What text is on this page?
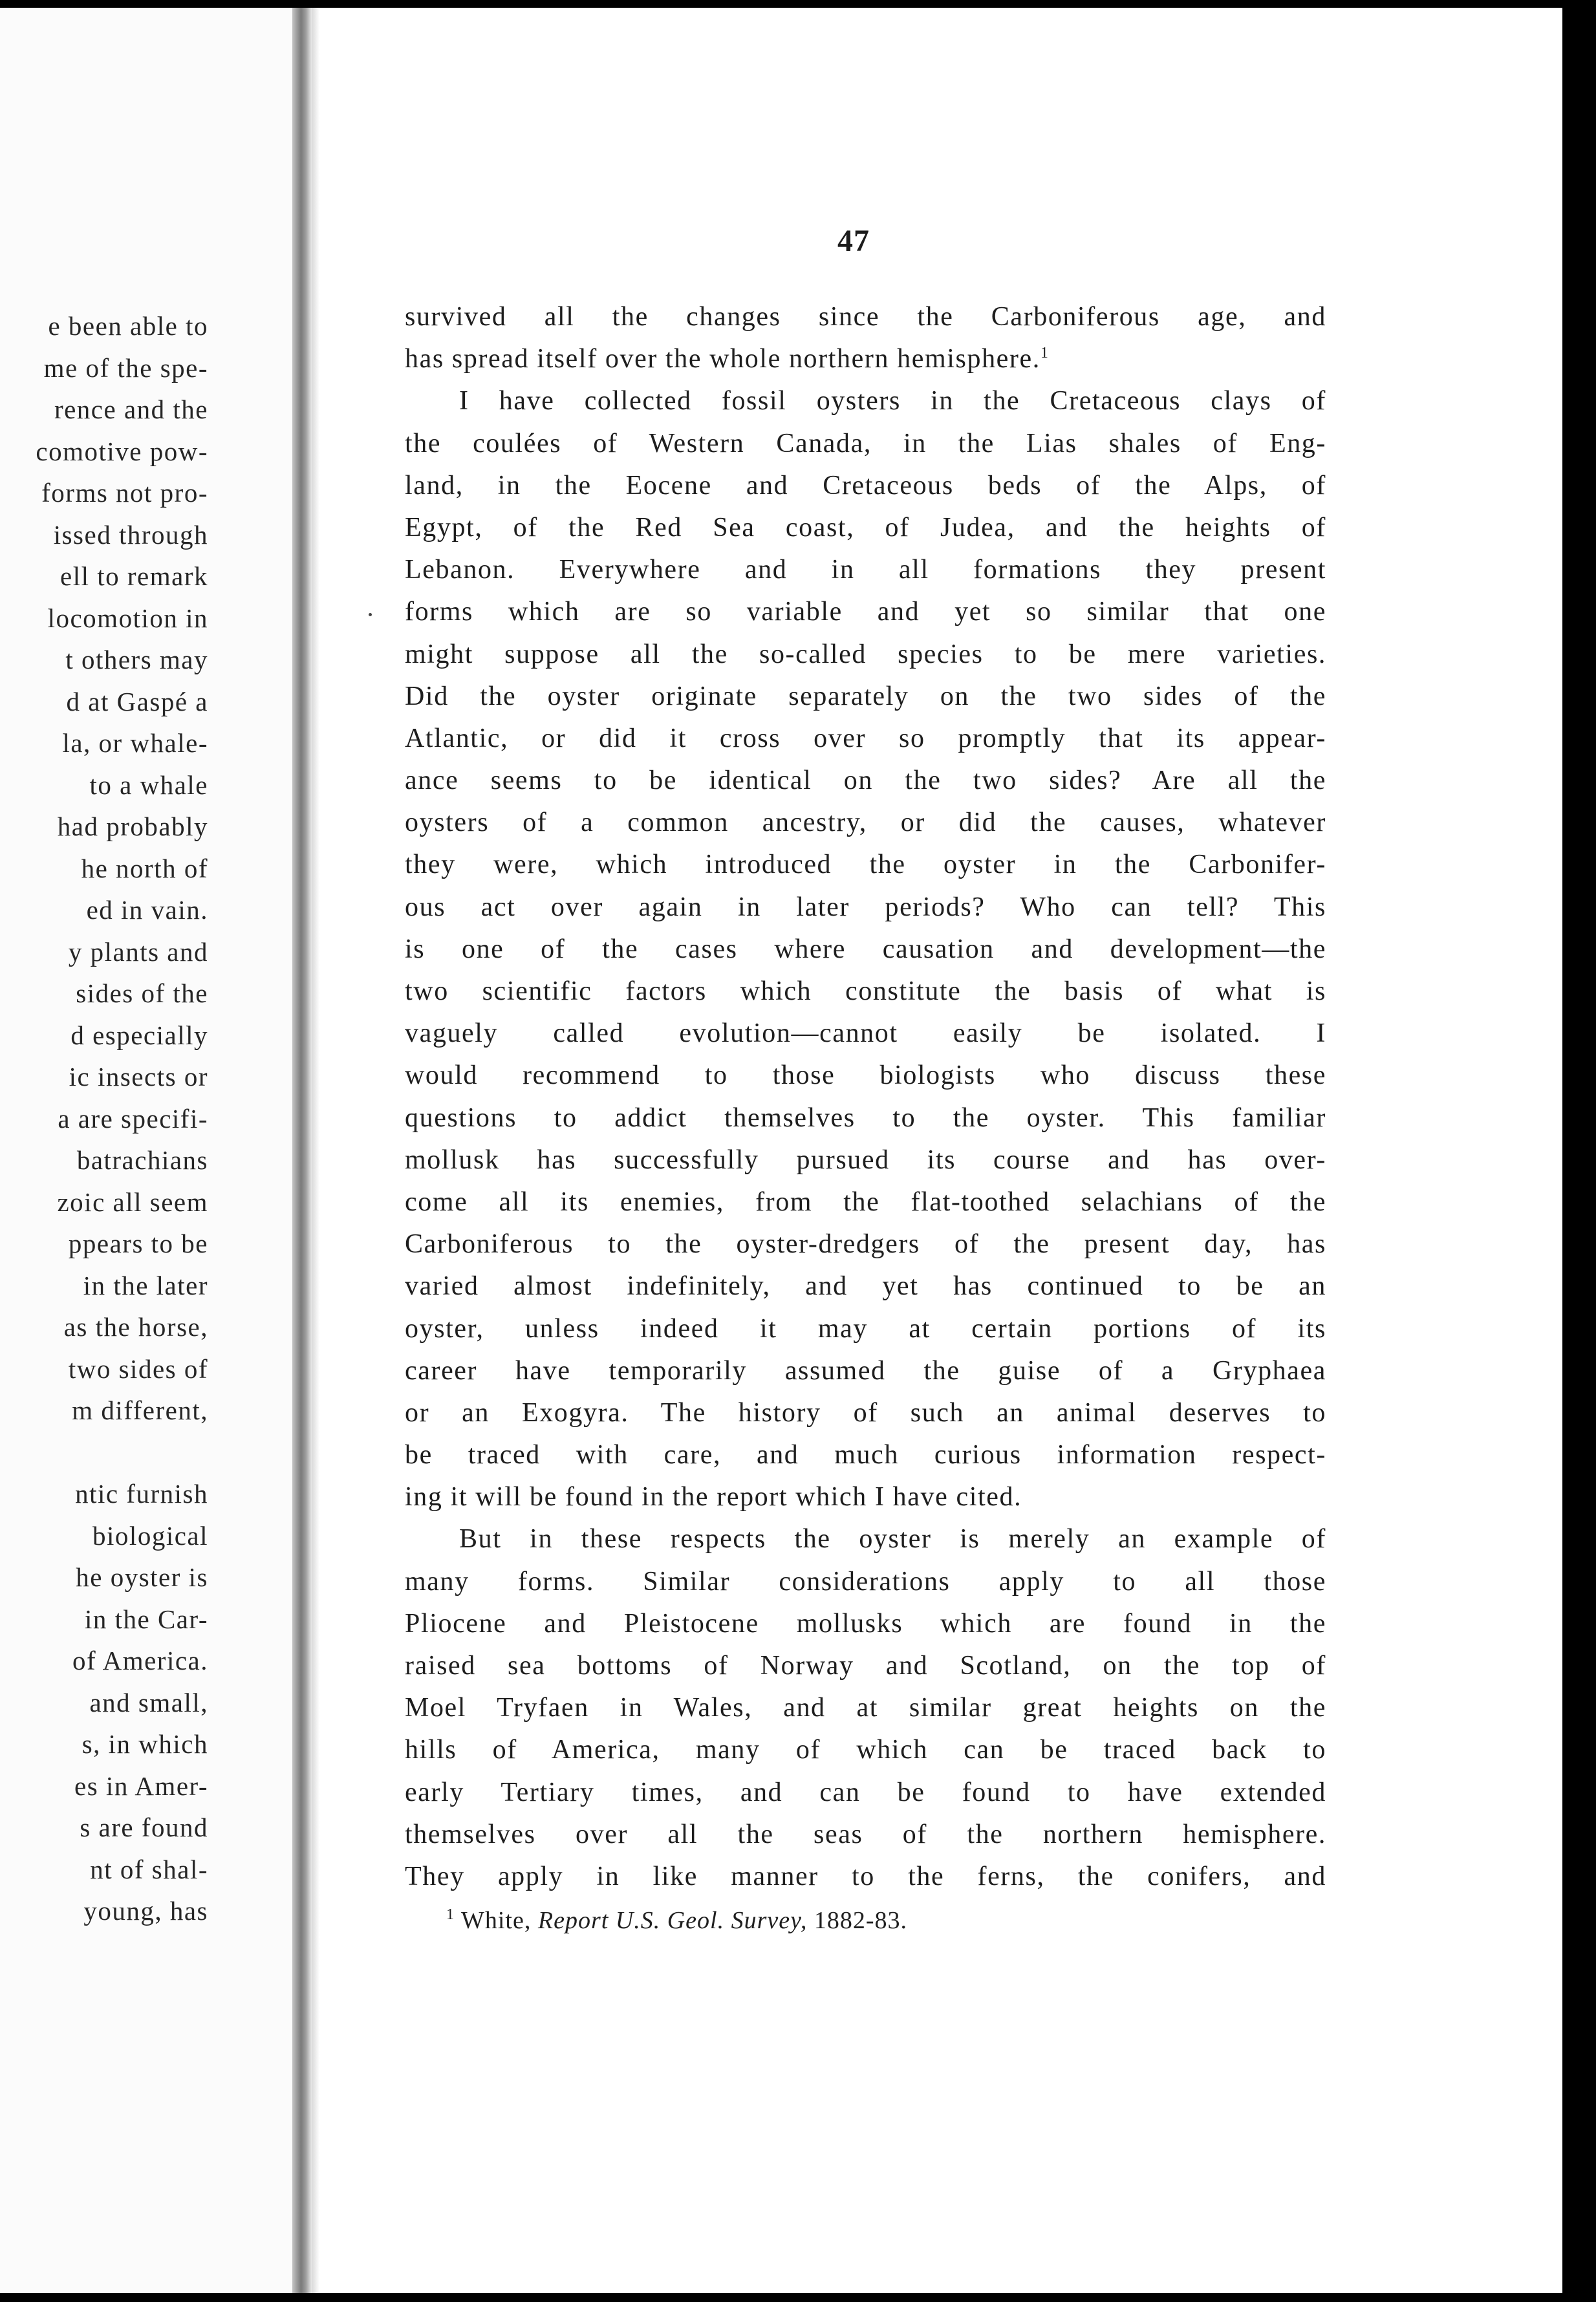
e been able to
me of the spe-
rence and the
comotive pow-
forms not pro-
issed through
ell to remark
locomotion in
t others may
d at Gaspé a
la, or whale-
to a whale
had probably
he north of
ed in vain.
y plants and
sides of the
d especially
ic insects or
a are specifi-
batrachians
zoic all seem
ppears to be
in the later
as the horse,
two sides of
m different,
ntic furnish
biological
he oyster is
in the Car-
of America.
and small,
s, in which
es in Amer-
s are found
nt of shal-
young, has
47
survived all the changes since the Carboniferous age, and
has spread itself over the whole northern hemisphere.$^1$
I have collected fossil oysters in the Cretaceous clays of
the coulées of Western Canada, in the Lias shales of Eng-
land, in the Eocene and Cretaceous beds of the Alps, of
Egypt, of the Red Sea coast, of Judea, and the heights of
Lebanon. Everywhere and in all formations they present
forms which are so variable and yet so similar that one
might suppose all the so-called species to be mere varieties.
Did the oyster originate separately on the two sides of the
Atlantic, or did it cross over so promptly that its appear-
ance seems to be identical on the two sides? Are all the
oysters of a common ancestry, or did the causes, whatever
they were, which introduced the oyster in the Carbonifer-
ous act over again in later periods? Who can tell? This
is one of the cases where causation and development—the
two scientific factors which constitute the basis of what is
vaguely called evolution—cannot easily be isolated. I
would recommend to those biologists who discuss these
questions to addict themselves to the oyster. This familiar
mollusk has successfully pursued its course and has over-
come all its enemies, from the flat-toothed selachians of the
Carboniferous to the oyster-dredgers of the present day, has
varied almost indefinitely, and yet has continued to be an
oyster, unless indeed it may at certain portions of its
career have temporarily assumed the guise of a Gryphaea
or an Exogyra. The history of such an animal deserves to
be traced with care, and much curious information respect-
ing it will be found in the report which I have cited.
But in these respects the oyster is merely an example of
many forms. Similar considerations apply to all those
Pliocene and Pleistocene mollusks which are found in the
raised sea bottoms of Norway and Scotland, on the top of
Moel Tryfaen in Wales, and at similar great heights on the
hills of America, many of which can be traced back to
early Tertiary times, and can be found to have extended
themselves over all the seas of the northern hemisphere.
They apply in like manner to the ferns, the conifers, and
$^1$ White, Report U.S. Geol. Survey, 1882-83.
